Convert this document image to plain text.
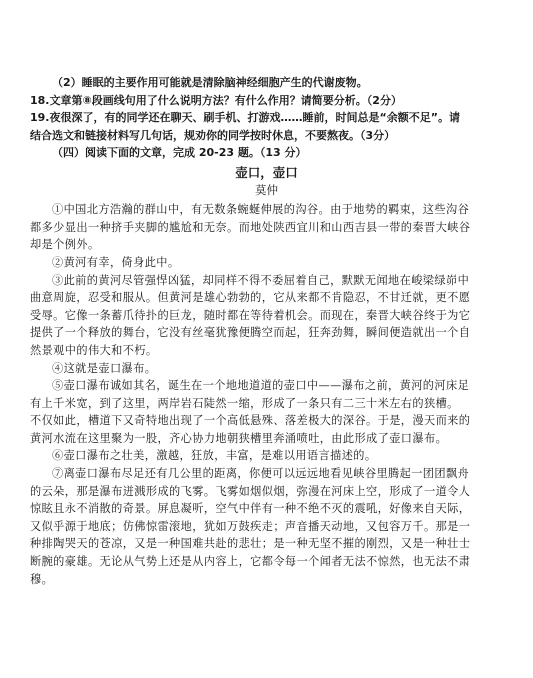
（2）睡眠的主要作用可能就是清除脑神经细胞产生的代谢废物。
18.文章第⑧段画线句用了什么说明方法？有什么作用？请简要分析。（2分）
19.夜很深了，有的同学还在聊天、刷手机、打游戏……睡前，时间总是“余额不足”。请
结合选文和链接材料写几句话，规劝你的同学按时休息，不要熬夜。（3分）
（四）阅读下面的文章，完成 20-23 题。（13 分）
壶口，壶口
莫仲
①中国北方浩瀚的群山中，有无数条蜿蜒伸展的沟谷。由于地势的羁束，这些沟谷
都多少显出一种挤手夹脚的尴尬和无奈。而地处陕西宜川和山西吉县一带的秦晋大峡谷
却是个例外。
②黄河有幸，倚身此中。
③此前的黄河尽管强悍凶猛，却同样不得不委屈着自己，默默无闻地在峻梁绿峁中
曲意周旋，忍受和服从。但黄河是雄心勃勃的，它从来都不肯隐忍，不甘迁就，更不愿
受辱。它像一条蓄爪待扑的巨龙，随时都在等待着机会。而现在，秦晋大峡谷终于为它
提供了一个释放的舞台，它没有丝毫犹豫便腾空而起，狂奔劲舞，瞬间便造就出一个自
然景观中的伟大和不朽。
④这就是壶口瀑布。
⑤壶口瀑布诚如其名，诞生在一个地地道道的壶口中——瀑布之前，黄河的河床足
有上千米宽，到了这里，两岸岩石陡然一缩，形成了一条只有二三十米左右的狭槽。
不仅如此，槽道下又奇特地出现了一个高低悬殊、落差极大的深谷。于是，漫天而来的
黄河水流在这里聚为一股，齐心协力地朝狭槽里奔涌喷吐，由此形成了壶口瀑布。
⑥壶口瀑布之壮美，激越，狂放，丰富，是难以用语言描述的。
⑦离壶口瀑布尽足还有几公里的距离，你便可以远远地看见峡谷里腾起一团团飘舟
的云朵，那是瀑布迸溅形成的飞雾。飞雾如烟似烟，弥漫在河床上空，形成了一道令人
惊眩且永不消散的奇景。屏息凝听，空气中伴有一种不绝不灭的震吼，好像来自天际，
又似乎源于地底；仿佛惊雷滚地，犹如万鼓疾走；声音播天动地，又包容万千。那是一
种排陶哭天的苍凉，又是一种国难共赴的悲壮；是一种无坚不摧的刚烈，又是一种壮士
断腕的豪雄。无论从气势上还是从内容上，它都令每一个闻者无法不惊然，也无法不肃
穆。
